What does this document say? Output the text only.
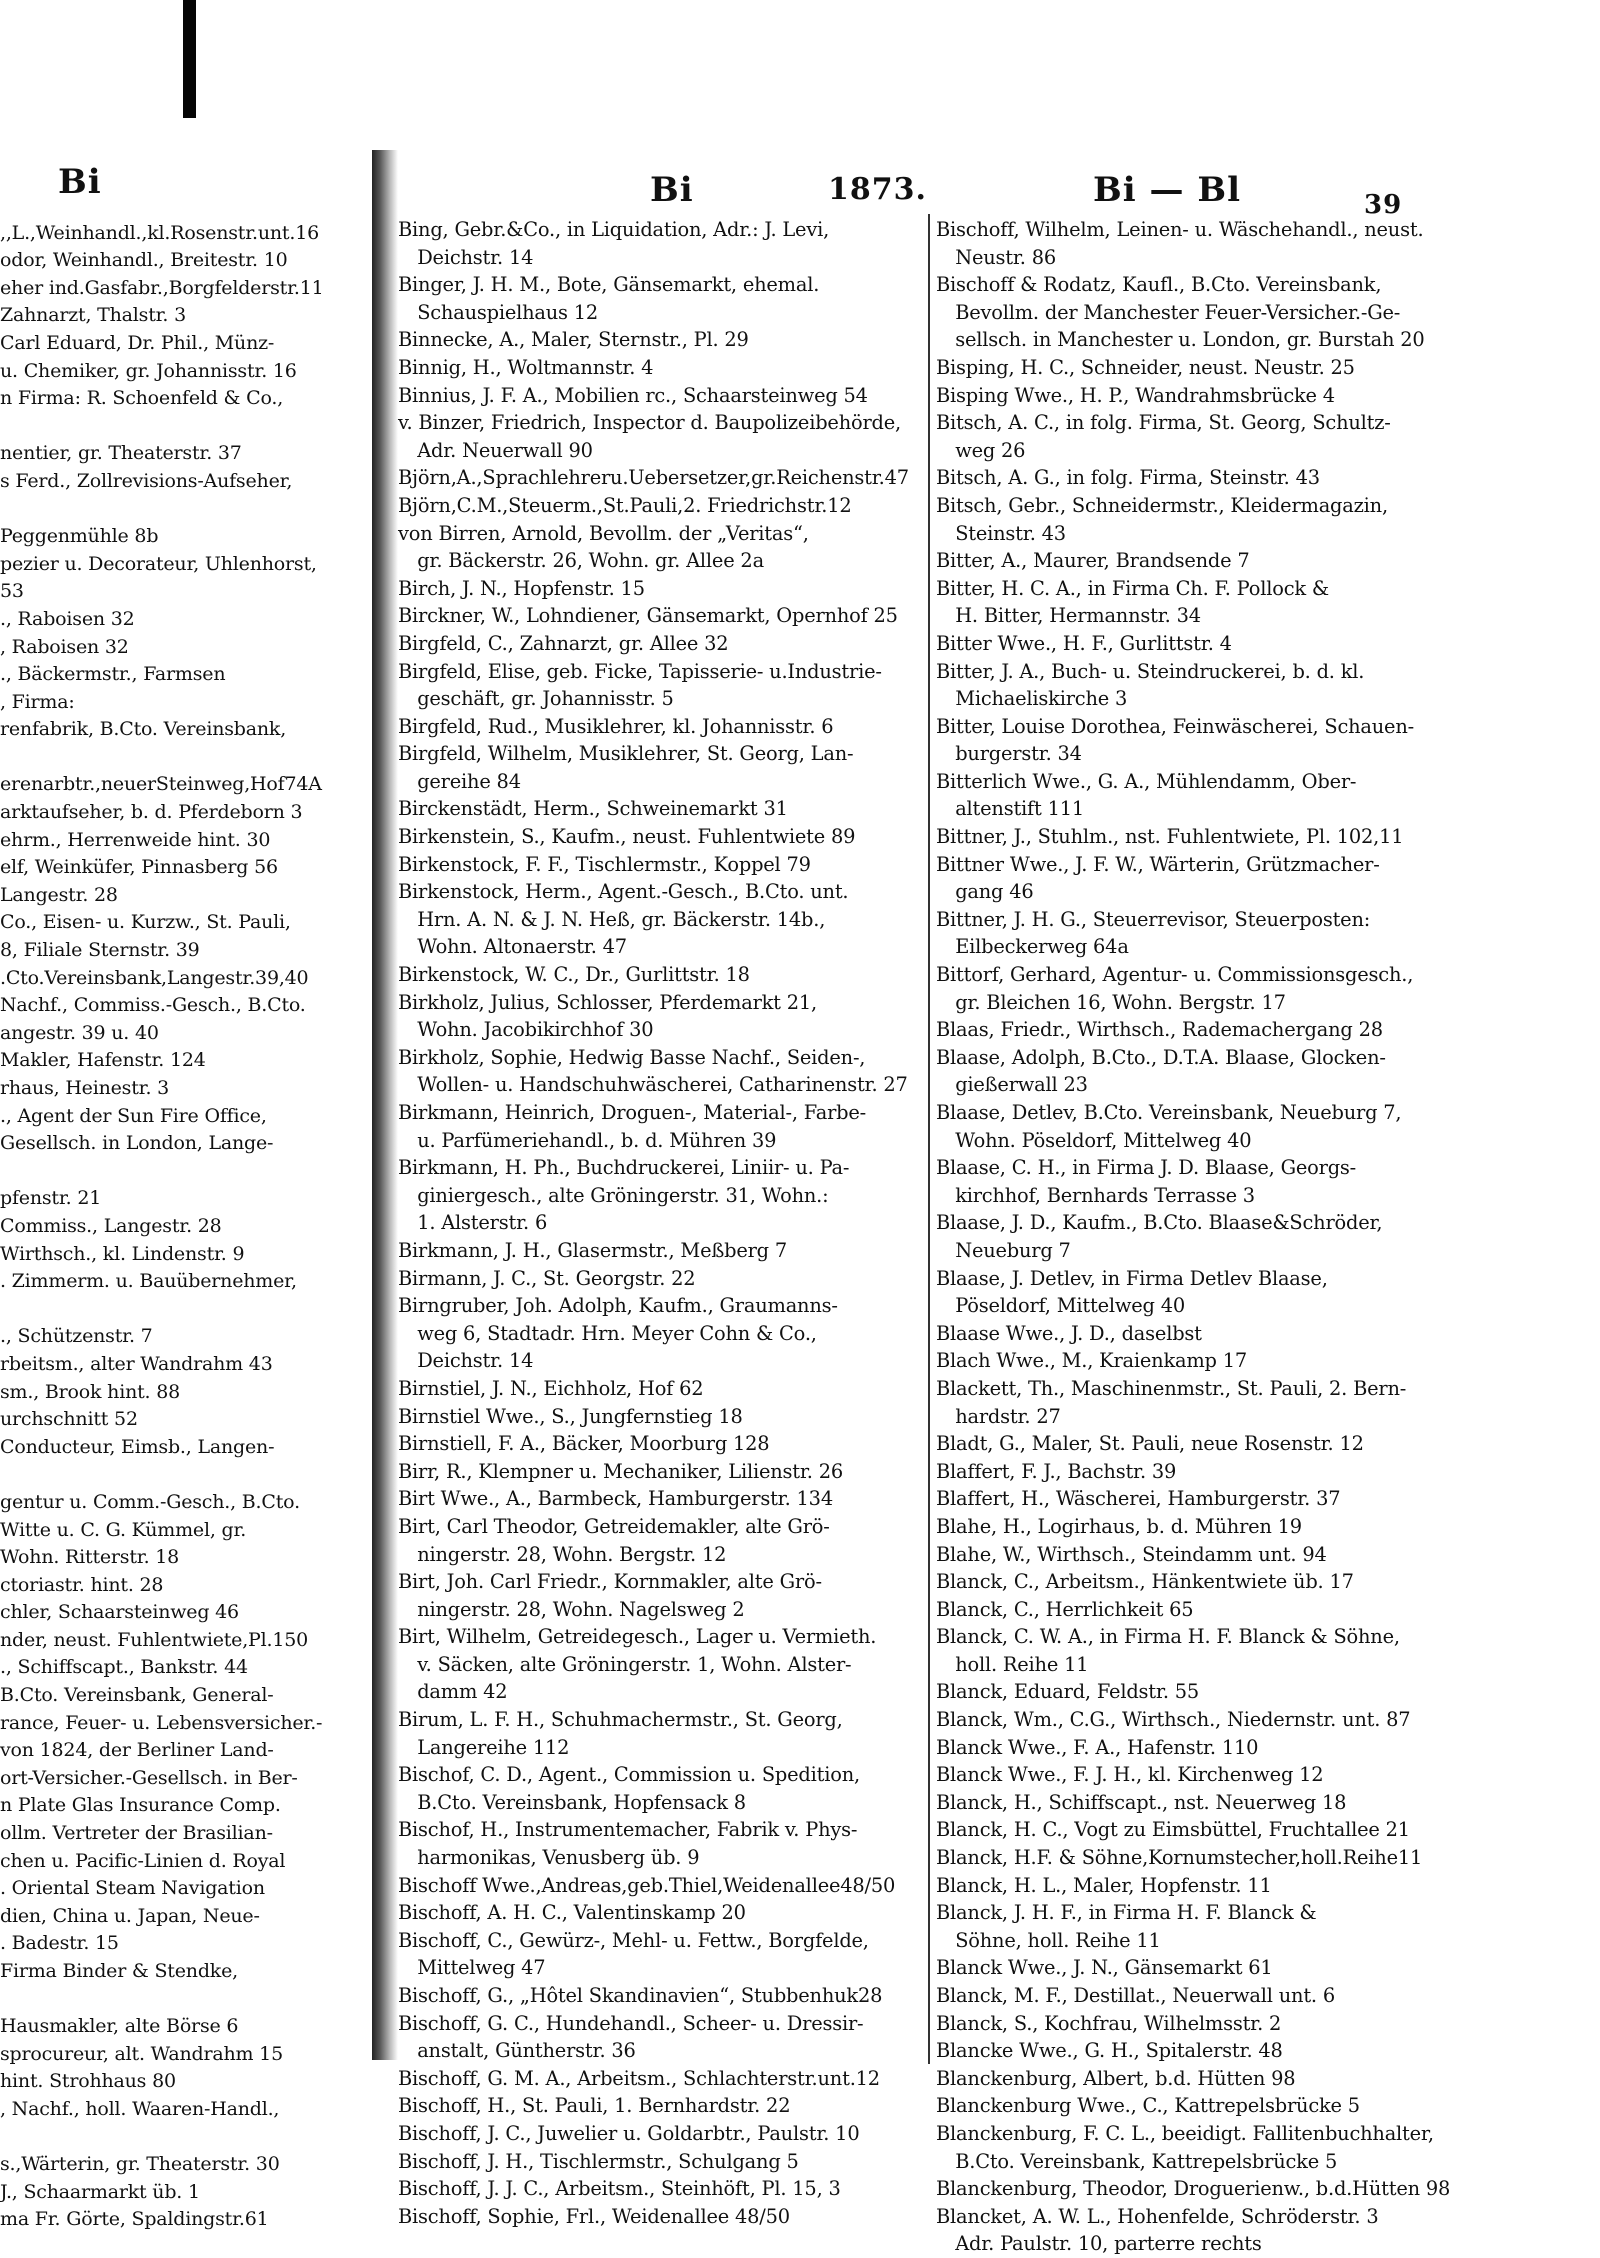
Bi

,,L.,Weinhandl.,kl.Rosenstr.unt.16
odor, Weinhandl., Breitestr. 10
eher ind.Gasfabr.,Borgfelderstr.11
Zahnarzt, Thalstr. 3
Carl Eduard, Dr. Phil., Münz-
u. Chemiker, gr. Johannisstr. 16
n Firma: R. Schoenfeld & Co.,

nentier, gr. Theaterstr. 37
s Ferd., Zollrevisions-Aufseher,

Peggenmühle 8b
pezier u. Decorateur, Uhlenhorst,
53
., Raboisen 32
, Raboisen 32
., Bäckermstr., Farmsen
, Firma:
renfabrik, B.Cto. Vereinsbank,

erenarbtr.,neuerSteinweg,Hof74A
arktaufseher, b. d. Pferdeborn 3
ehrm., Herrenweide hint. 30
elf, Weinküfer, Pinnasberg 56
Langestr. 28
Co., Eisen- u. Kurzw., St. Pauli,
8, Filiale Sternstr. 39
.Cto.Vereinsbank,Langestr.39,40
Nachf., Commiss.-Gesch., B.Cto.
angestr. 39 u. 40
Makler, Hafenstr. 124
rhaus, Heinestr. 3
., Agent der Sun Fire Office,
Gesellsch. in London, Lange-

pfenstr. 21
Commiss., Langestr. 28
Wirthsch., kl. Lindenstr. 9
. Zimmerm. u. Bauübernehmer,

., Schützenstr. 7
rbeitsm., alter Wandrahm 43
sm., Brook hint. 88
urchschnitt 52
Conducteur, Eimsb., Langen-

gentur u. Comm.-Gesch., B.Cto.
Witte u. C. G. Kümmel, gr.
Wohn. Ritterstr. 18
ctoriastr. hint. 28
chler, Schaarsteinweg 46
nder, neust. Fuhlentwiete,Pl.150
., Schiffscapt., Bankstr. 44
B.Cto. Vereinsbank, General-
rance, Feuer- u. Lebensversicher.-
von 1824, der Berliner Land-
ort-Versicher.-Gesellsch. in Ber-
n Plate Glas Insurance Comp.
ollm. Vertreter der Brasilian-
chen u. Pacific-Linien d. Royal
. Oriental Steam Navigation
dien, China u. Japan, Neue-
. Badestr. 15
Firma Binder & Stendke,

Hausmakler, alte Börse 6
sprocureur, alt. Wandrahm 15
hint. Strohhaus 80
, Nachf., holl. Waaren-Handl.,

s.,Wärterin, gr. Theaterstr. 30
J., Schaarmarkt üb. 1
ma Fr. Görte, Spaldingstr.61
Bi	1873.	Bi — Bl	39
Bing, Gebr.&Co., in Liquidation, Adr.: J. Levi,
 Deichstr. 14
Binger, J. H. M., Bote, Gänsemarkt, ehemal.
 Schauspielhaus 12
Binnecke, A., Maler, Sternstr., Pl. 29
Binnig, H., Woltmannstr. 4
Binnius, J. F. A., Mobilien rc., Schaarsteinweg 54
v. Binzer, Friedrich, Inspector d. Baupolizeibehörde,
 Adr. Neuerwall 90
Björn,A.,Sprachlehreru.Uebersetzer,gr.Reichenstr.47
Björn,C.M.,Steuerm.,St.Pauli,2. Friedrichstr.12
von Birren, Arnold, Bevollm. der „Veritas“,
 gr. Bäckerstr. 26, Wohn. gr. Allee 2a
Birch, J. N., Hopfenstr. 15
Birckner, W., Lohndiener, Gänsemarkt, Opernhof 25
Birgfeld, C., Zahnarzt, gr. Allee 32
Birgfeld, Elise, geb. Ficke, Tapisserie- u.Industrie-
 geschäft, gr. Johannisstr. 5
Birgfeld, Rud., Musiklehrer, kl. Johannisstr. 6
Birgfeld, Wilhelm, Musiklehrer, St. Georg, Lan-
 gereihe 84
Birckenstädt, Herm., Schweinemarkt 31
Birkenstein, S., Kaufm., neust. Fuhlentwiete 89
Birkenstock, F. F., Tischlermstr., Koppel 79
Birkenstock, Herm., Agent.-Gesch., B.Cto. unt.
 Hrn. A. N. & J. N. Heß, gr. Bäckerstr. 14b.,
 Wohn. Altonaerstr. 47
Birkenstock, W. C., Dr., Gurlittstr. 18
Birkholz, Julius, Schlosser, Pferdemarkt 21,
 Wohn. Jacobikirchhof 30
Birkholz, Sophie, Hedwig Basse Nachf., Seiden-,
 Wollen- u. Handschuhwäscherei, Catharinenstr. 27
Birkmann, Heinrich, Droguen-, Material-, Farbe-
 u. Parfümeriehandl., b. d. Mühren 39
Birkmann, H. Ph., Buchdruckerei, Liniir- u. Pa-
 giniergesch., alte Gröningerstr. 31, Wohn.:
 1. Alsterstr. 6
Birkmann, J. H., Glasermstr., Meßberg 7
Birmann, J. C., St. Georgstr. 22
Birngruber, Joh. Adolph, Kaufm., Graumanns-
 weg 6, Stadtadr. Hrn. Meyer Cohn & Co.,
 Deichstr. 14
Birnstiel, J. N., Eichholz, Hof 62
Birnstiel Wwe., S., Jungfernstieg 18
Birnstiell, F. A., Bäcker, Moorburg 128
Birr, R., Klempner u. Mechaniker, Lilienstr. 26
Birt Wwe., A., Barmbeck, Hamburgerstr. 134
Birt, Carl Theodor, Getreidemakler, alte Grö-
 ningerstr. 28, Wohn. Bergstr. 12
Birt, Joh. Carl Friedr., Kornmakler, alte Grö-
 ningerstr. 28, Wohn. Nagelsweg 2
Birt, Wilhelm, Getreidegesch., Lager u. Vermieth.
 v. Säcken, alte Gröningerstr. 1, Wohn. Alster-
 damm 42
Birum, L. F. H., Schuhmachermstr., St. Georg,
 Langereihe 112
Bischof, C. D., Agent., Commission u. Spedition,
 B.Cto. Vereinsbank, Hopfensack 8
Bischof, H., Instrumentemacher, Fabrik v. Phys-
 harmonikas, Venusberg üb. 9
Bischoff Wwe.,Andreas,geb.Thiel,Weidenallee48/50
Bischoff, A. H. C., Valentinskamp 20
Bischoff, C., Gewürz-, Mehl- u. Fettw., Borgfelde,
 Mittelweg 47
Bischoff, G., „Hôtel Skandinavien“, Stubbenhuk28
Bischoff, G. C., Hundehandl., Scheer- u. Dressir-
 anstalt, Güntherstr. 36
Bischoff, G. M. A., Arbeitsm., Schlachterstr.unt.12
Bischoff, H., St. Pauli, 1. Bernhardstr. 22
Bischoff, J. C., Juwelier u. Goldarbtr., Paulstr. 10
Bischoff, J. H., Tischlermstr., Schulgang 5
Bischoff, J. J. C., Arbeitsm., Steinhöft, Pl. 15, 3
Bischoff, Sophie, Frl., Weidenallee 48/50
Bischoff, Wilhelm, Leinen- u. Wäschehandl., neust.
 Neustr. 86
Bischoff & Rodatz, Kaufl., B.Cto. Vereinsbank,
 Bevollm. der Manchester Feuer-Versicher.-Ge-
 sellsch. in Manchester u. London, gr. Burstah 20
Bisping, H. C., Schneider, neust. Neustr. 25
Bisping Wwe., H. P., Wandrahmsbrücke 4
Bitsch, A. C., in folg. Firma, St. Georg, Schultz-
 weg 26
Bitsch, A. G., in folg. Firma, Steinstr. 43
Bitsch, Gebr., Schneidermstr., Kleidermagazin,
 Steinstr. 43
Bitter, A., Maurer, Brandsende 7
Bitter, H. C. A., in Firma Ch. F. Pollock &
 H. Bitter, Hermannstr. 34
Bitter Wwe., H. F., Gurlittstr. 4
Bitter, J. A., Buch- u. Steindruckerei, b. d. kl.
 Michaeliskirche 3
Bitter, Louise Dorothea, Feinwäscherei, Schauen-
 burgerstr. 34
Bitterlich Wwe., G. A., Mühlendamm, Ober-
 altenstift 111
Bittner, J., Stuhlm., nst. Fuhlentwiete, Pl. 102,11
Bittner Wwe., J. F. W., Wärterin, Grützmacher-
 gang 46
Bittner, J. H. G., Steuerrevisor, Steuerposten:
 Eilbeckerweg 64a
Bittorf, Gerhard, Agentur- u. Commissionsgesch.,
 gr. Bleichen 16, Wohn. Bergstr. 17
Blaas, Friedr., Wirthsch., Rademachergang 28
Blaase, Adolph, B.Cto., D.T.A. Blaase, Glocken-
 gießerwall 23
Blaase, Detlev, B.Cto. Vereinsbank, Neueburg 7,
 Wohn. Pöseldorf, Mittelweg 40
Blaase, C. H., in Firma J. D. Blaase, Georgs-
 kirchhof, Bernhards Terrasse 3
Blaase, J. D., Kaufm., B.Cto. Blaase&Schröder,
 Neueburg 7
Blaase, J. Detlev, in Firma Detlev Blaase,
 Pöseldorf, Mittelweg 40
Blaase Wwe., J. D., daselbst
Blach Wwe., M., Kraienkamp 17
Blackett, Th., Maschinenmstr., St. Pauli, 2. Bern-
 hardstr. 27
Bladt, G., Maler, St. Pauli, neue Rosenstr. 12
Blaffert, F. J., Bachstr. 39
Blaffert, H., Wäscherei, Hamburgerstr. 37
Blahe, H., Logirhaus, b. d. Mühren 19
Blahe, W., Wirthsch., Steindamm unt. 94
Blanck, C., Arbeitsm., Hänkentwiete üb. 17
Blanck, C., Herrlichkeit 65
Blanck, C. W. A., in Firma H. F. Blanck & Söhne,
 holl. Reihe 11
Blanck, Eduard, Feldstr. 55
Blanck, Wm., C.G., Wirthsch., Niedernstr. unt. 87
Blanck Wwe., F. A., Hafenstr. 110
Blanck Wwe., F. J. H., kl. Kirchenweg 12
Blanck, H., Schiffscapt., nst. Neuerweg 18
Blanck, H. C., Vogt zu Eimsbüttel, Fruchtallee 21
Blanck, H.F. & Söhne,Kornumstecher,holl.Reihe11
Blanck, H. L., Maler, Hopfenstr. 11
Blanck, J. H. F., in Firma H. F. Blanck &
 Söhne, holl. Reihe 11
Blanck Wwe., J. N., Gänsemarkt 61
Blanck, M. F., Destillat., Neuerwall unt. 6
Blanck, S., Kochfrau, Wilhelmsstr. 2
Blancke Wwe., G. H., Spitalerstr. 48
Blanckenburg, Albert, b.d. Hütten 98
Blanckenburg Wwe., C., Kattrepelsbrücke 5
Blanckenburg, F. C. L., beeidigt. Fallitenbuchhalter,
 B.Cto. Vereinsbank, Kattrepelsbrücke 5
Blanckenburg, Theodor, Droguerienw., b.d.Hütten 98
Blancket, A. W. L., Hohenfelde, Schröderstr. 3
 Adr. Paulstr. 10, parterre rechts
